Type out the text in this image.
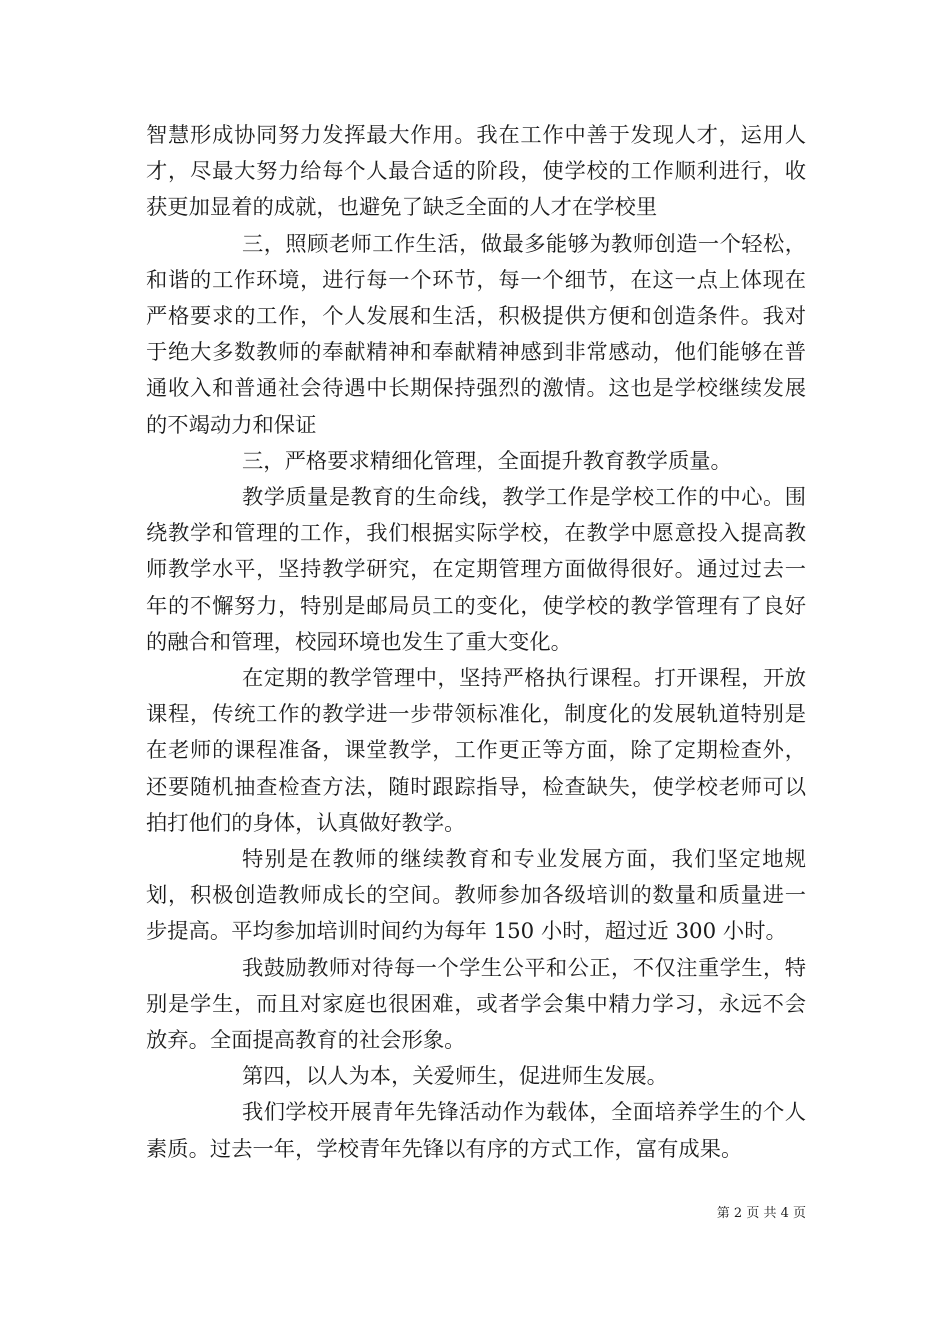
智慧形成协同努力发挥最大作用。我在工作中善于发现人才，运用人才，尽最大努力给每个人最合适的阶段，使学校的工作顺利进行，收获更加显着的成就，也避免了缺乏全面的人才在学校里

三，照顾老师工作生活，做最多能够为教师创造一个轻松，和谐的工作环境，进行每一个环节，每一个细节，在这一点上体现在严格要求的工作，个人发展和生活，积极提供方便和创造条件。我对于绝大多数教师的奉献精神和奉献精神感到非常感动，他们能够在普通收入和普通社会待遇中长期保持强烈的激情。这也是学校继续发展的不竭动力和保证

三，严格要求精细化管理，全面提升教育教学质量。

教学质量是教育的生命线，教学工作是学校工作的中心。围绕教学和管理的工作，我们根据实际学校，在教学中愿意投入提高教师教学水平，坚持教学研究，在定期管理方面做得很好。通过过去一年的不懈努力，特别是邮局员工的变化，使学校的教学管理有了良好的融合和管理，校园环境也发生了重大变化。

在定期的教学管理中，坚持严格执行课程。打开课程，开放课程，传统工作的教学进一步带领标准化，制度化的发展轨道特别是在老师的课程准备，课堂教学，工作更正等方面，除了定期检查外，还要随机抽查检查方法，随时跟踪指导，检查缺失，使学校老师可以拍打他们的身体，认真做好教学。

特别是在教师的继续教育和专业发展方面，我们坚定地规划，积极创造教师成长的空间。教师参加各级培训的数量和质量进一步提高。平均参加培训时间约为每年 150 小时，超过近 300 小时。

我鼓励教师对待每一个学生公平和公正，不仅注重学生，特别是学生，而且对家庭也很困难，或者学会集中精力学习，永远不会放弃。全面提高教育的社会形象。

第四，以人为本，关爱师生，促进师生发展。

我们学校开展青年先锋活动作为载体，全面培养学生的个人素质。过去一年，学校青年先锋以有序的方式工作，富有成果。

第 2 页 共 4 页
